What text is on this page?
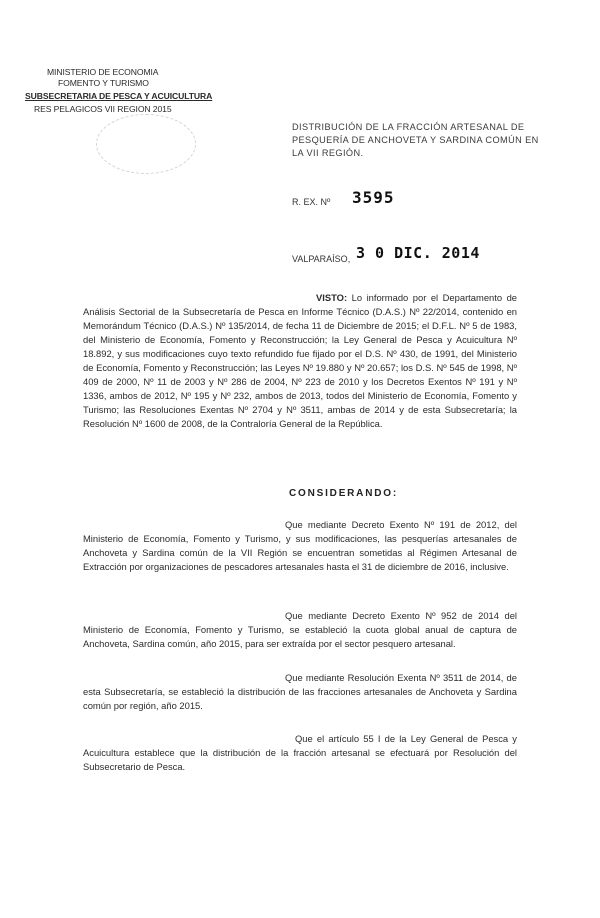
MINISTERIO DE ECONOMIA
FOMENTO Y TURISMO
SUBSECRETARIA DE PESCA Y ACUICULTURA
RES PELAGICOS VII REGION 2015
DISTRIBUCIÓN DE LA FRACCIÓN ARTESANAL DE
PESQUERÍA DE ANCHOVETA Y SARDINA COMÚN EN
LA VII REGIÓN.
R. EX. Nº 3595
VALPARAÍSO, 3 0 DIC. 2014
VISTO: Lo informado por el Departamento de Análisis Sectorial de la Subsecretaría de Pesca en Informe Técnico (D.A.S.) Nº 22/2014, contenido en Memorándum Técnico (D.A.S.) Nº 135/2014, de fecha 11 de Diciembre de 2015; el D.F.L. Nº 5 de 1983, del Ministerio de Economía, Fomento y Reconstrucción; la Ley General de Pesca y Acuicultura Nº 18.892, y sus modificaciones cuyo texto refundido fue fijado por el D.S. Nº 430, de 1991, del Ministerio de Economía, Fomento y Reconstrucción; las Leyes Nº 19.880 y Nº 20.657; los D.S. Nº 545 de 1998, Nº 409 de 2000, Nº 11 de 2003 y Nº 286 de 2004, Nº 223 de 2010 y los Decretos Exentos Nº 191 y Nº 1336, ambos de 2012, Nº 195 y Nº 232, ambos de 2013, todos del Ministerio de Economía, Fomento y Turismo; las Resoluciones Exentas Nº 2704 y Nº 3511, ambas de 2014 y de esta Subsecretaría; la Resolución Nº 1600 de 2008, de la Contraloría General de la República.
CONSIDERANDO:
Que mediante Decreto Exento Nº 191 de 2012, del Ministerio de Economía, Fomento y Turismo, y sus modificaciones, las pesquerías artesanales de Anchoveta y Sardina común de la VII Región se encuentran sometidas al Régimen Artesanal de Extracción por organizaciones de pescadores artesanales hasta el 31 de diciembre de 2016, inclusive.
Que mediante Decreto Exento Nº 952 de 2014 del Ministerio de Economía, Fomento y Turismo, se estableció la cuota global anual de captura de Anchoveta, Sardina común, año 2015, para ser extraída por el sector pesquero artesanal.
Que mediante Resolución Exenta Nº 3511 de 2014, de esta Subsecretaría, se estableció la distribución de las fracciones artesanales de Anchoveta y Sardina común por región, año 2015.
Que el artículo 55 I de la Ley General de Pesca y Acuicultura establece que la distribución de la fracción artesanal se efectuará por Resolución del Subsecretario de Pesca.
